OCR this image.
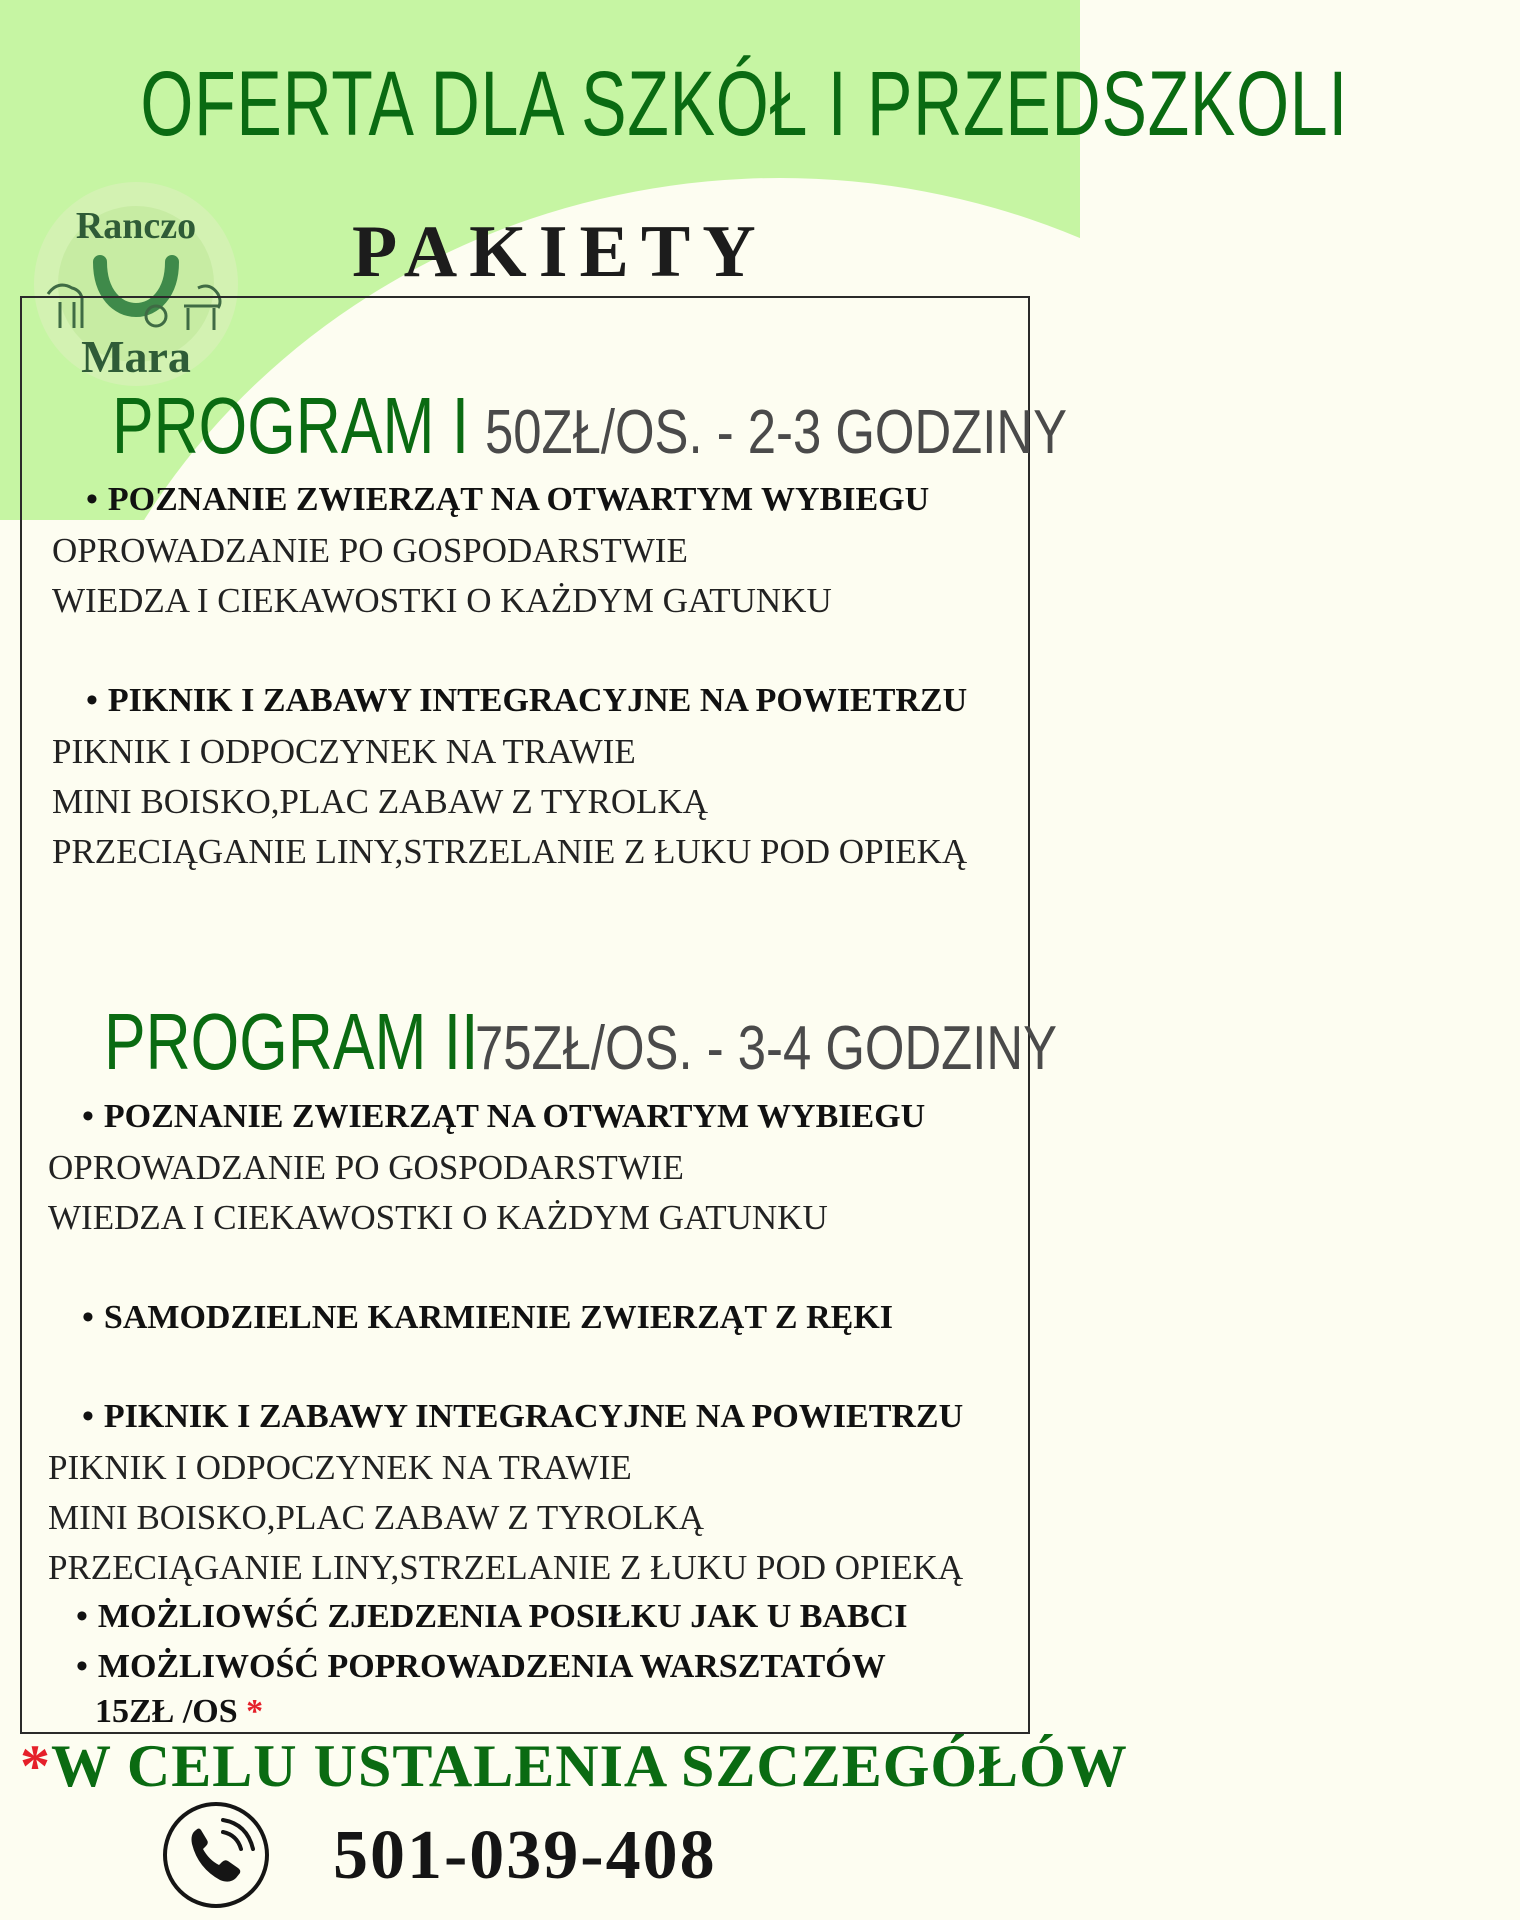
OFERTA DLA SZKÓŁ I PRZEDSZKOLI
Ranczo
Mara
PAKIETY
PROGRAM I 50ZŁ/OS. - 2-3 GODZINY
• POZNANIE ZWIERZĄT NA OTWARTYM WYBIEGU
OPROWADZANIE PO GOSPODARSTWIE
WIEDZA I CIEKAWOSTKI O KAŻDYM GATUNKU
• PIKNIK I ZABAWY INTEGRACYJNE NA POWIETRZU
PIKNIK I ODPOCZYNEK NA TRAWIE
MINI BOISKO,PLAC ZABAW Z TYROLKĄ
PRZECIĄGANIE LINY,STRZELANIE Z ŁUKU POD OPIEKĄ
PROGRAM II
75ZŁ/OS. - 3-4 GODZINY
• POZNANIE ZWIERZĄT NA OTWARTYM WYBIEGU
OPROWADZANIE PO GOSPODARSTWIE
WIEDZA I CIEKAWOSTKI O KAŻDYM GATUNKU
• SAMODZIELNE KARMIENIE ZWIERZĄT Z RĘKI
• PIKNIK I ZABAWY INTEGRACYJNE NA POWIETRZU
PIKNIK I ODPOCZYNEK NA TRAWIE
MINI BOISKO,PLAC ZABAW Z TYROLKĄ
PRZECIĄGANIE LINY,STRZELANIE Z ŁUKU POD OPIEKĄ
• MOŻLIOWŚĆ ZJEDZENIA POSIŁKU JAK U BABCI
• MOŻLIWOŚĆ POPROWADZENIA WARSZTATÓW
15ZŁ /OS *
*W CELU USTALENIA SZCZEGÓŁÓW
501-039-408
